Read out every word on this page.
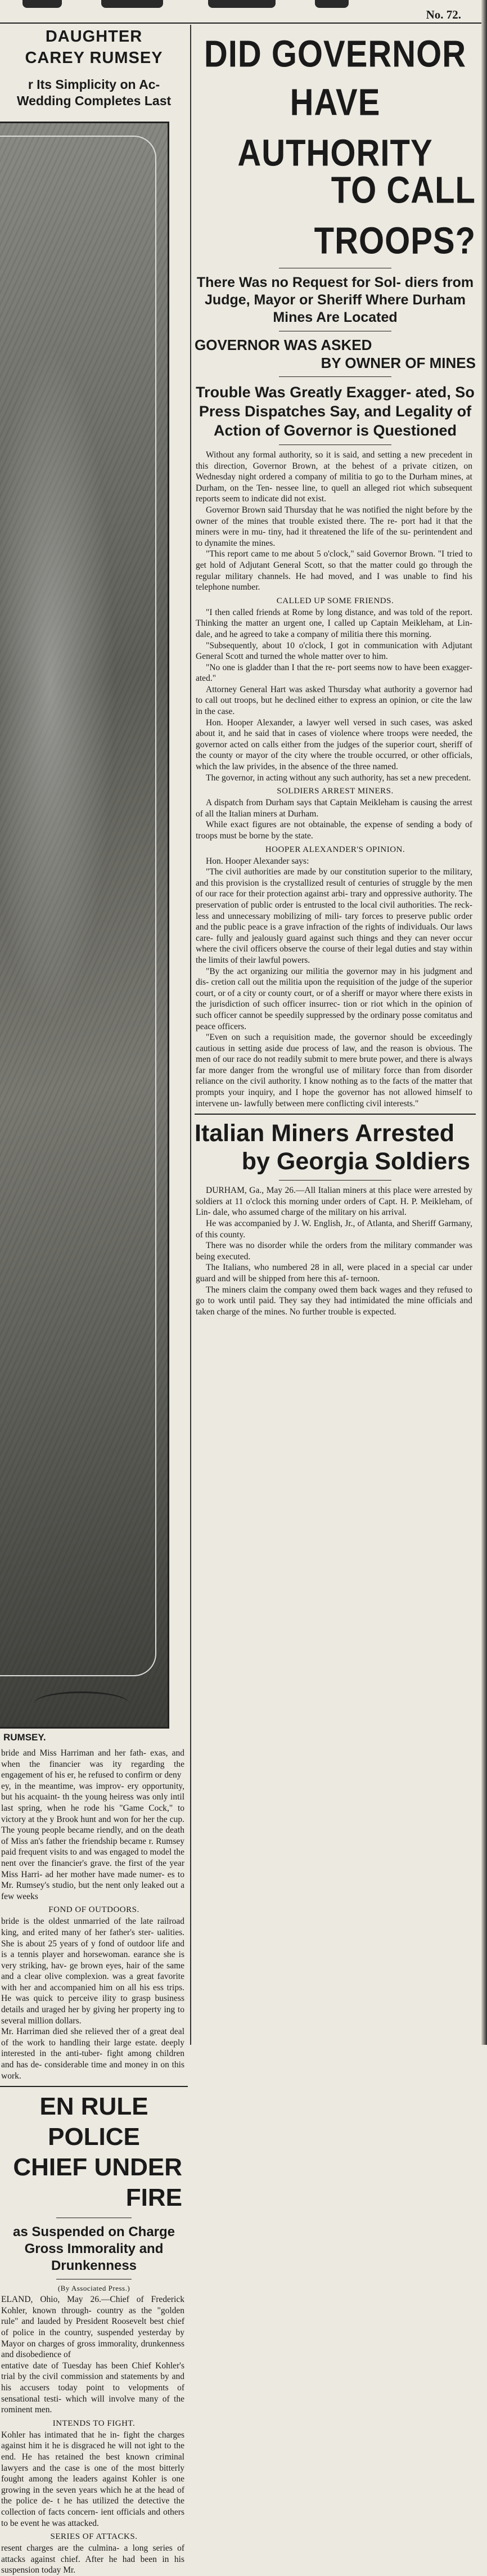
No. 72.
DAUGHTER
CAREY RUMSEY
r Its Simplicity on Ac-
Wedding Completes Last
RUMSEY.

bride and Miss Harriman and her fath- exas, and when the financier was ity regarding the engagement of his er, he refused to confirm or deny

ey, in the meantime, was improv- ery opportunity, but his acquaint- th the young heiress was only intil last spring, when he rode his "Game Cock," to victory at the y Brook hunt and won for her the cup. The young people became riendly, and on the death of Miss an's father the friendship became r. Rumsey paid frequent visits to and was engaged to model the nent over the financier's grave. the first of the year Miss Harri- ad her mother have made numer- es to Mr. Rumsey's studio, but the nent only leaked out a few weeks

FOND OF OUTDOORS.

bride is the oldest unmarried of the late railroad king, and erited many of her father's ster- ualities. She is about 25 years of y fond of outdoor life and is a tennis player and horsewoman. earance she is very striking, hav- ge brown eyes, hair of the same and a clear olive complexion. was a great favorite with her and accompanied him on all his ess trips. He was quick to perceive ility to grasp business details and uraged her by giving her property ing to several million dollars.

Mr. Harriman died she relieved ther of a great deal of the work to handling their large estate. deeply interested in the anti-tuber- fight among children and has de- considerable time and money in on this work.

EN RULE POLICE
CHIEF UNDER FIRE
as Suspended on Charge
Gross Immorality and
Drunkenness
(By Associated Press.)

ELAND, Ohio, May 26.—Chief of Frederick Kohler, known through- country as the "golden rule" and lauded by President Roosevelt best chief of police in the country, suspended yesterday by Mayor on charges of gross immorality, drunkenness and disobedience of

entative date of Tuesday has been Chief Kohler's trial by the civil commission and statements by and his accusers today point to velopments of sensational testi- which will involve many of the rominent men.

INTENDS TO FIGHT.

Kohler has intimated that he in- fight the charges against him it he is disgraced he will not ight to the end. He has retained the best known criminal lawyers and the case is one of the most bitterly fought among the leaders against Kohler is one growing in the seven years which he at the head of the police de- t he has utilized the detective the collection of facts concern- ient officials and others to be event he was attacked.

SERIES OF ATTACKS.

resent charges are the culmina- a long series of attacks against chief. After he had been in his suspension today Mr.

DID GOVERNOR
HAVE AUTHORITY
TO CALL TROOPS?
There Was no Request for Sol- diers from Judge, Mayor or Sheriff Where Durham Mines Are Located
GOVERNOR WAS ASKED
BY OWNER OF MINES
Trouble Was Greatly Exagger- ated, So Press Dispatches Say, and Legality of Action of Governor is Questioned

Without any formal authority, so it is said, and setting a new precedent in this direction, Governor Brown, at the behest of a private citizen, on Wednesday night ordered a company of militia to go to the Durham mines, at Durham, on the Ten- nessee line, to quell an alleged riot which subsequent reports seem to indicate did not exist.

Governor Brown said Thursday that he was notified the night before by the owner of the mines that trouble existed there. The re- port had it that the miners were in mu- tiny, had it threatened the life of the su- perintendent and to dynamite the mines.

"This report came to me about 5 o'clock," said Governor Brown. "I tried to get hold of Adjutant General Scott, so that the matter could go through the regular military channels. He had moved, and I was unable to find his telephone number.

CALLED UP SOME FRIENDS.

"I then called friends at Rome by long distance, and was told of the report. Thinking the matter an urgent one, I called up Captain Meikleham, at Lin- dale, and he agreed to take a company of militia there this morning.

"Subsequently, about 10 o'clock, I got in communication with Adjutant General Scott and turned the whole matter over to him.

"No one is gladder than I that the re- port seems now to have been exagger- ated."

Attorney General Hart was asked Thursday what authority a governor had to call out troops, but he declined either to express an opinion, or cite the law in the case.

Hon. Hooper Alexander, a lawyer well versed in such cases, was asked about it, and he said that in cases of violence where troops were needed, the governor acted on calls either from the judges of the superior court, sheriff of the county or mayor of the city where the trouble occurred, or other officials, which the law privides, in the absence of the three named.

The governor, in acting without any such authority, has set a new precedent.

SOLDIERS ARREST MINERS.

A dispatch from Durham says that Captain Meikleham is causing the arrest of all the Italian miners at Durham.

While exact figures are not obtainable, the expense of sending a body of troops must be borne by the state.

HOOPER ALEXANDER'S OPINION.

Hon. Hooper Alexander says:

"The civil authorities are made by our constitution superior to the military, and this provision is the crystallized result of centuries of struggle by the men of our race for their protection against arbi- trary and oppressive authority. The preservation of public order is entrusted to the local civil authorities. The reck- less and unnecessary mobilizing of mili- tary forces to preserve public order and the public peace is a grave infraction of the rights of individuals. Our laws care- fully and jealously guard against such things and they can never occur where the civil officers observe the course of their legal duties and stay within the limits of their lawful powers.

"By the act organizing our militia the governor may in his judgment and dis- cretion call out the militia upon the requisition of the judge of the superior court, or of a city or county court, or of a sheriff or mayor where there exists in the jurisdiction of such officer insurrec- tion or riot which in the opinion of such officer cannot be speedily suppressed by the ordinary posse comitatus and peace officers.

"Even on such a requisition made, the governor should be exceedingly cautious in setting aside due process of law, and the reason is obvious. The men of our race do not readily submit to mere brute power, and there is always far more danger from the wrongful use of military force than from disorder reliance on the civil authority. I know nothing as to the facts of the matter that prompts your inquiry, and I hope the governor has not allowed himself to intervene un- lawfully between mere conflicting civil interests."

Italian Miners Arrested
by Georgia Soldiers

DURHAM, Ga., May 26.—All Italian miners at this place were arrested by soldiers at 11 o'clock this morning under orders of Capt. H. P. Meikleham, of Lin- dale, who assumed charge of the military on his arrival.

He was accompanied by J. W. English, Jr., of Atlanta, and Sheriff Garmany, of this county.

There was no disorder while the orders from the military commander was being executed.

The Italians, who numbered 28 in all, were placed in a special car under guard and will be shipped from here this af- ternoon.

The miners claim the company owed them back wages and they refused to go to work until paid. They say they had intimidated the mine officials and taken charge of the mines. No further trouble is expected.
